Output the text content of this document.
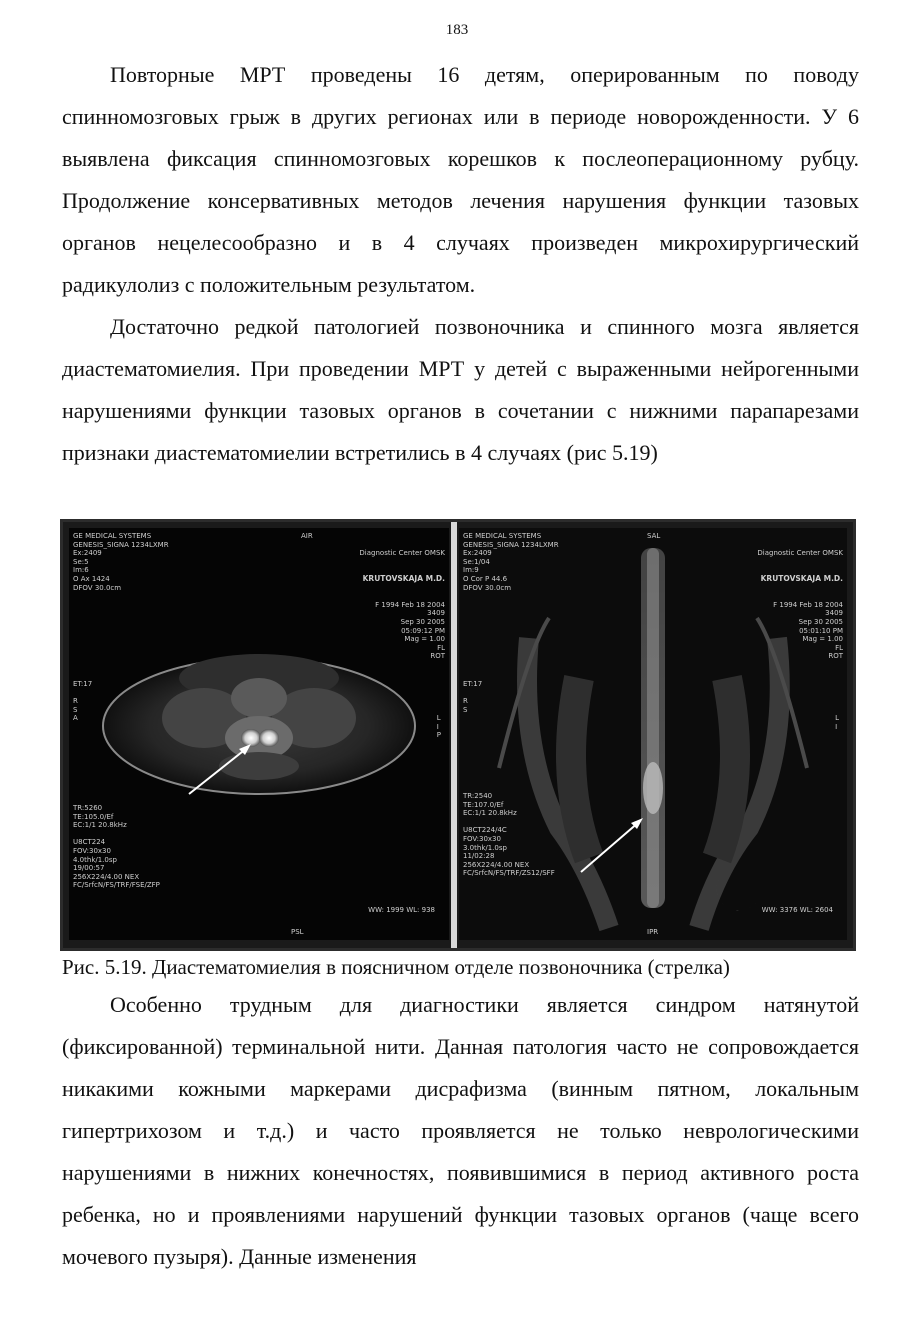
183

Повторные МРТ проведены 16 детям, оперированным по поводу спинномозговых грыж в других регионах или в периоде новорожденности. У 6 выявлена фиксация спинномозговых корешков к послеоперационному рубцу. Продолжение консервативных методов лечения нарушения функции тазовых органов нецелесообразно и в 4 случаях произведен микрохирургический радикулолиз с положительным результатом.

Достаточно редкой патологией позвоночника и спинного мозга является диастематомиелия. При проведении МРТ у детей с выраженными нейрогенными нарушениями функции тазовых органов в сочетании с нижними парапарезами признаки диастематомиелии встретились в 4 случаях (рис 5.19)

GE MEDICAL SYSTEMS
GENESIS_SIGNA 1234LXMR
Ex:2409
Se:5
Im:6
O Ax 1424
DFOV 30.0cm
AIR

Diagnostic Center OMSK

KRUTOVSKAJA M.D.

F 1994 Feb 18 2004
3409
Sep 30 2005
05:09:12 PM
Mag = 1.00
FL
ROT

ET:17

R
S
A	L
I
P
TR:5260
TE:105.0/Ef
EC:1/1 20.8kHz

U8CT224
FOV:30x30
4.0thk/1.0sp
19/00:57
256X224/4.00 NEX
FC/SrfcN/FS/TRF/FSE/ZFP
PSL
WW: 1999 WL: 938
GE MEDICAL SYSTEMS
GENESIS_SIGNA 1234LXMR
Ex:2409
Se:1/04
Im:9
O Cor P 44.6
DFOV 30.0cm
SAL

Diagnostic Center OMSK

KRUTOVSKAJA M.D.

F 1994 Feb 18 2004
3409
Sep 30 2005
05:01:10 PM
Mag = 1.00
FL
ROT

ET:17

R
S
L
I
TR:2540
TE:107.0/Ef
EC:1/1 20.8kHz

U8CT224/4C
FOV:30x30
3.0thk/1.0sp
11/02:28
256X224/4.00 NEX
FC/SrfcN/FS/TRF/ZS12/SFF
IPR
WW: 3376 WL: 2604

Рис. 5.19. Диастематомиелия в поясничном отделе позвоночника (стрелка)

Особенно трудным для диагностики является синдром натянутой (фиксированной) терминальной нити. Данная патология часто не сопровождается никакими кожными маркерами дисрафизма (винным пятном, локальным гипертрихозом и т.д.) и часто проявляется не только неврологическими нарушениями в нижних конечностях, появившимися в период активного роста ребенка, но и проявлениями нарушений функции тазовых органов (чаще всего мочевого пузыря). Данные изменения
